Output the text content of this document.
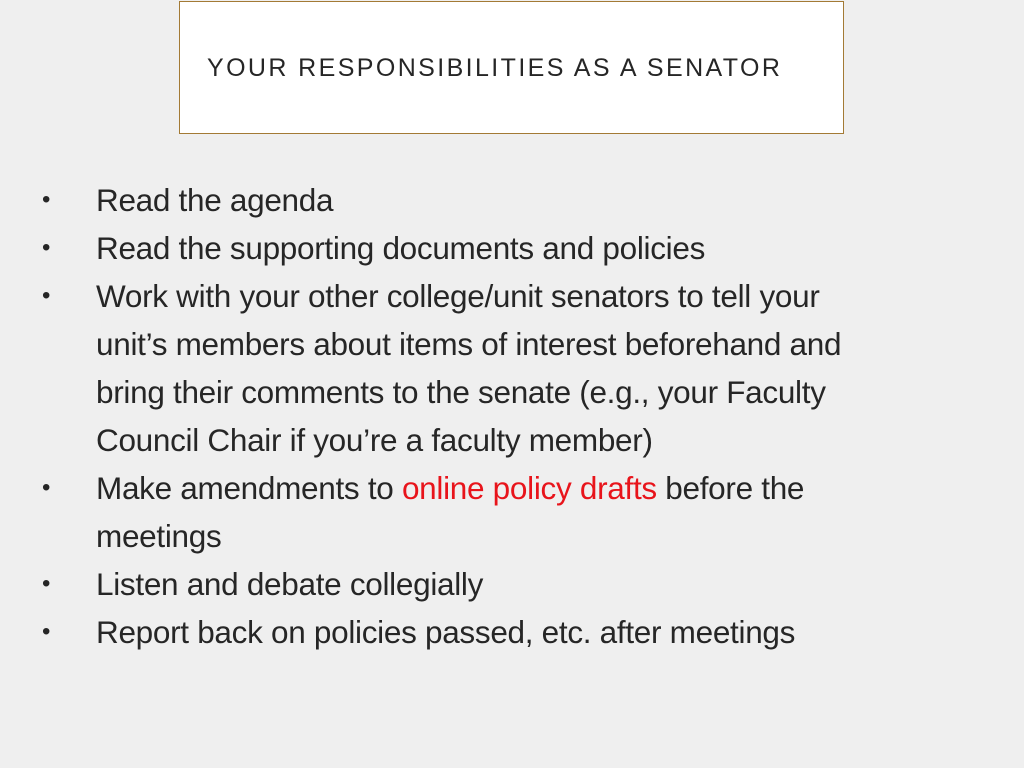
YOUR RESPONSIBILITIES AS A SENATOR
• Read the agenda
• Read the supporting documents and policies
• Work with your other college/unit senators to tell your
unit’s members about items of interest beforehand and
bring their comments to the senate (e.g., your Faculty
Council Chair if you’re a faculty member)
• Make amendments to online policy drafts before the
meetings
• Listen and debate collegially
• Report back on policies passed, etc. after meetings
